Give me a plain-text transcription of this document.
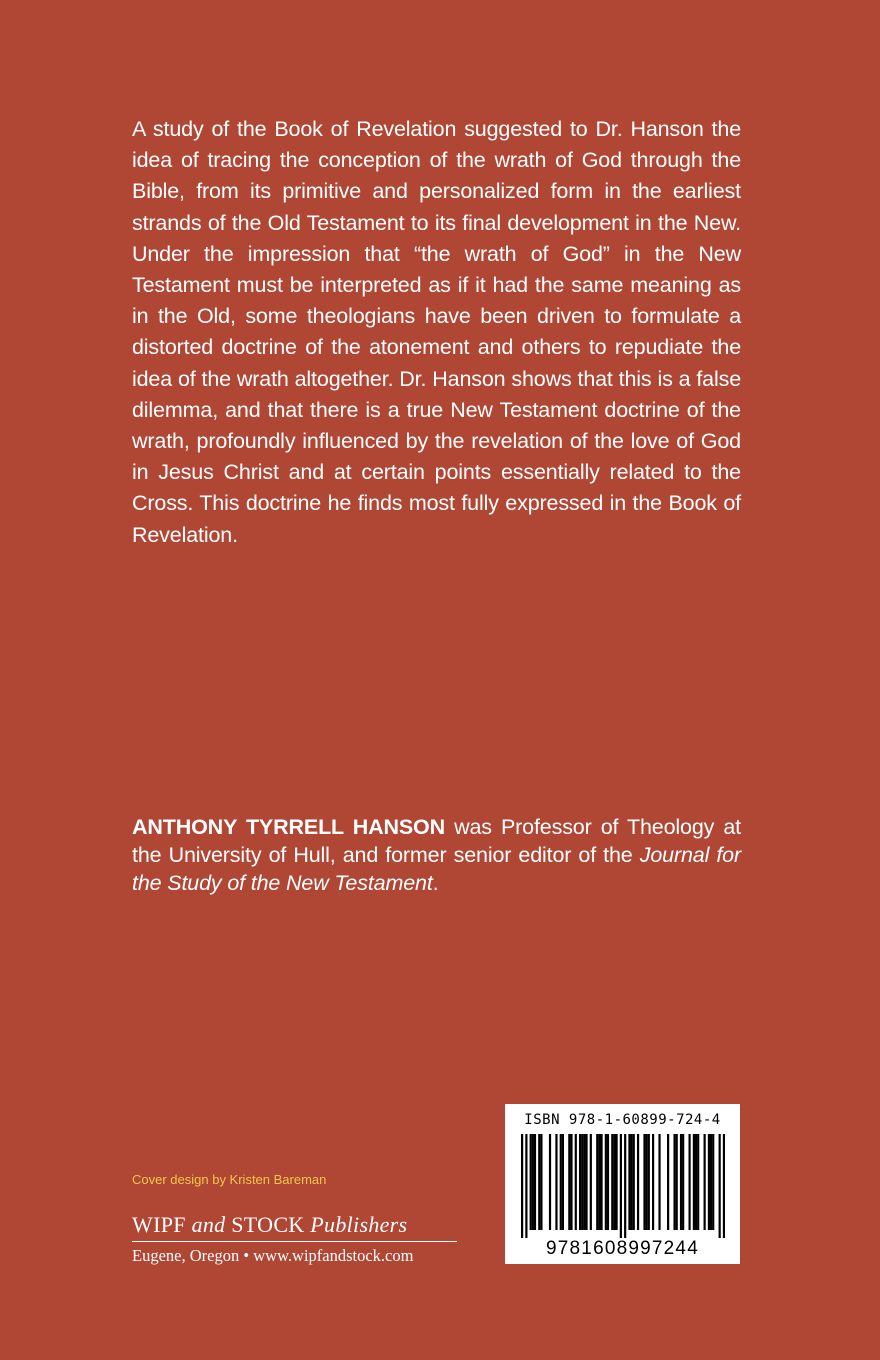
A study of the Book of Revelation suggested to Dr. Hanson the idea of tracing the conception of the wrath of God through the Bible, from its primitive and personalized form in the earliest strands of the Old Testament to its final development in the New. Under the impression that “the wrath of God” in the New Testament must be interpreted as if it had the same meaning as in the Old, some theologians have been driven to formulate a distorted doctrine of the atonement and others to repudiate the idea of the wrath altogether. Dr. Hanson shows that this is a false dilemma, and that there is a true New Testament doctrine of the wrath, profoundly influenced by the revelation of the love of God in Jesus Christ and at certain points essentially related to the Cross. This doctrine he finds most fully expressed in the Book of Revelation.

ANTHONY TYRRELL HANSON was Professor of Theology at the University of Hull, and former senior editor of the Journal for the Study of the New Testament.

Cover design by Kristen Bareman
WIPF and STOCK Publishers
Eugene, Oregon • www.wipfandstock.com
ISBN 978-1-60899-724-4
9781608997244
